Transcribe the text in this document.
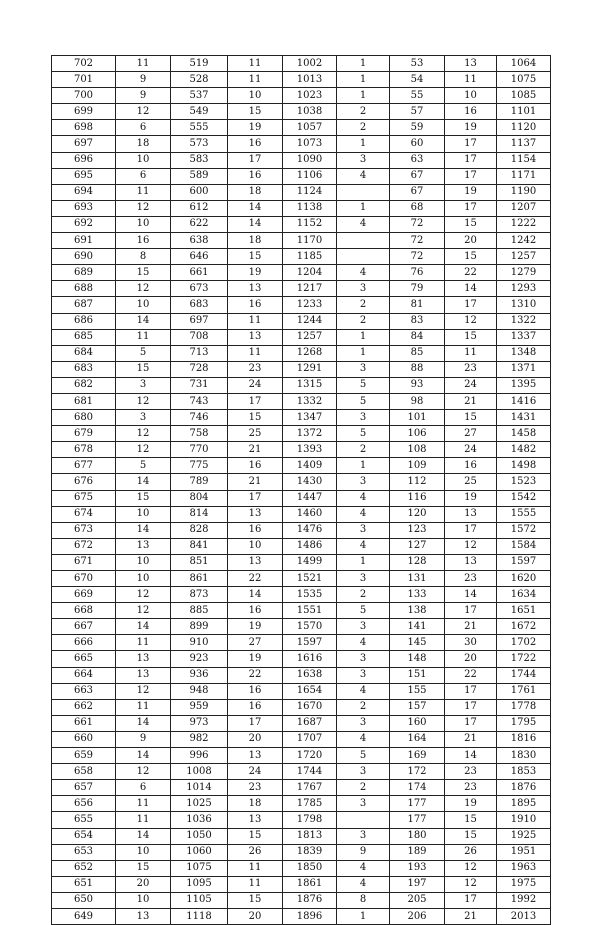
702	11	519	11	1002	1	53	13	1064
701	9	528	11	1013	1	54	11	1075
700	9	537	10	1023	1	55	10	1085
699	12	549	15	1038	2	57	16	1101
698	6	555	19	1057	2	59	19	1120
697	18	573	16	1073	1	60	17	1137
696	10	583	17	1090	3	63	17	1154
695	6	589	16	1106	4	67	17	1171
694	11	600	18	1124		67	19	1190
693	12	612	14	1138	1	68	17	1207
692	10	622	14	1152	4	72	15	1222
691	16	638	18	1170		72	20	1242
690	8	646	15	1185		72	15	1257
689	15	661	19	1204	4	76	22	1279
688	12	673	13	1217	3	79	14	1293
687	10	683	16	1233	2	81	17	1310
686	14	697	11	1244	2	83	12	1322
685	11	708	13	1257	1	84	15	1337
684	5	713	11	1268	1	85	11	1348
683	15	728	23	1291	3	88	23	1371
682	3	731	24	1315	5	93	24	1395
681	12	743	17	1332	5	98	21	1416
680	3	746	15	1347	3	101	15	1431
679	12	758	25	1372	5	106	27	1458
678	12	770	21	1393	2	108	24	1482
677	5	775	16	1409	1	109	16	1498
676	14	789	21	1430	3	112	25	1523
675	15	804	17	1447	4	116	19	1542
674	10	814	13	1460	4	120	13	1555
673	14	828	16	1476	3	123	17	1572
672	13	841	10	1486	4	127	12	1584
671	10	851	13	1499	1	128	13	1597
670	10	861	22	1521	3	131	23	1620
669	12	873	14	1535	2	133	14	1634
668	12	885	16	1551	5	138	17	1651
667	14	899	19	1570	3	141	21	1672
666	11	910	27	1597	4	145	30	1702
665	13	923	19	1616	3	148	20	1722
664	13	936	22	1638	3	151	22	1744
663	12	948	16	1654	4	155	17	1761
662	11	959	16	1670	2	157	17	1778
661	14	973	17	1687	3	160	17	1795
660	9	982	20	1707	4	164	21	1816
659	14	996	13	1720	5	169	14	1830
658	12	1008	24	1744	3	172	23	1853
657	6	1014	23	1767	2	174	23	1876
656	11	1025	18	1785	3	177	19	1895
655	11	1036	13	1798		177	15	1910
654	14	1050	15	1813	3	180	15	1925
653	10	1060	26	1839	9	189	26	1951
652	15	1075	11	1850	4	193	12	1963
651	20	1095	11	1861	4	197	12	1975
650	10	1105	15	1876	8	205	17	1992
649	13	1118	20	1896	1	206	21	2013
